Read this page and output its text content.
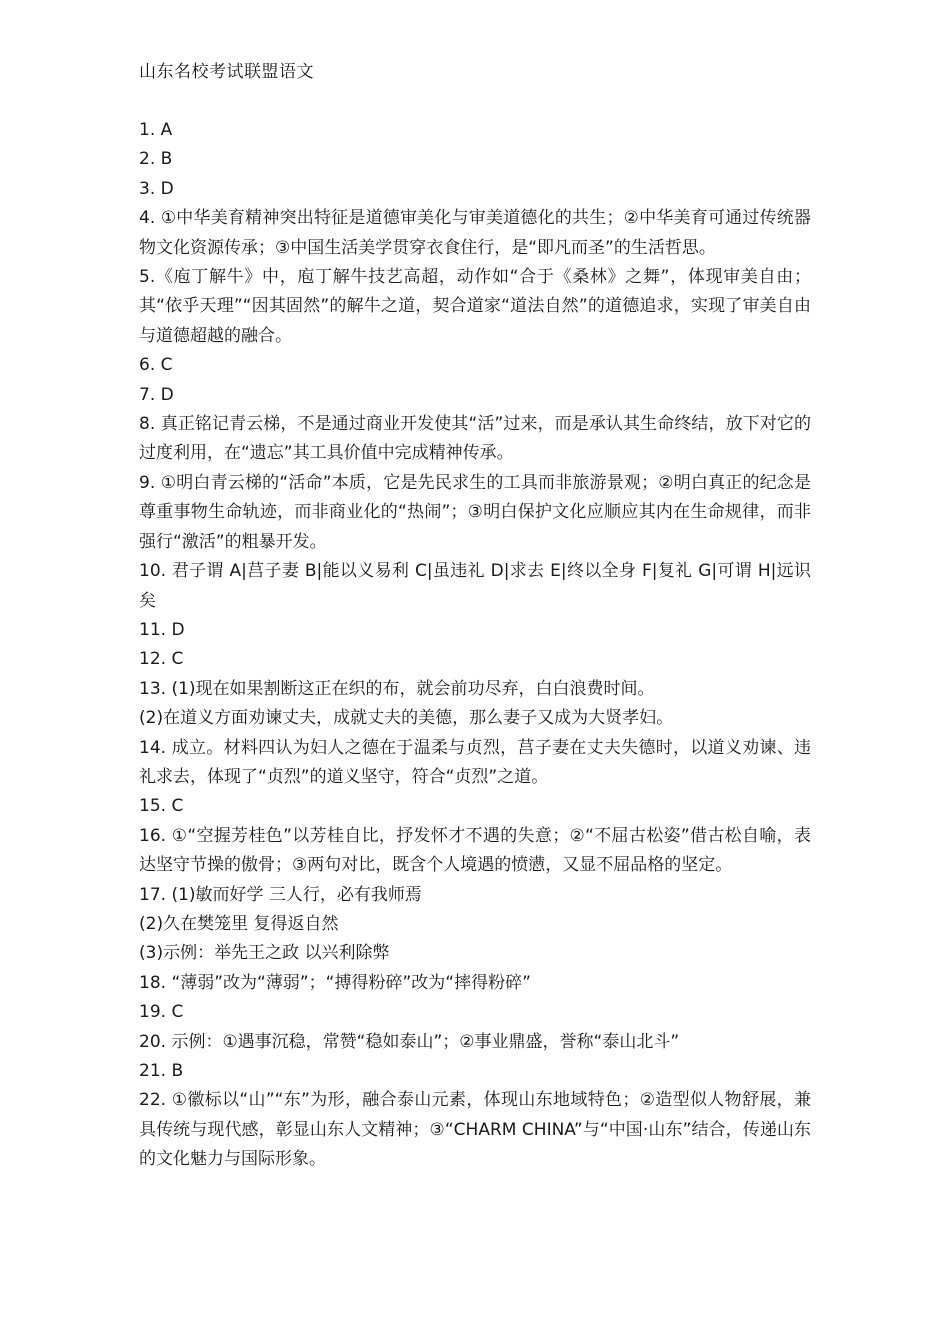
山东名校考试联盟语文

1. A

2. B

3. D

4. ①中华美育精神突出特征是道德审美化与审美道德化的共生；②中华美育可通过传统器物文化资源传承；③中国生活美学贯穿衣食住行，是“即凡而圣”的生活哲思。

5.《庖丁解牛》中，庖丁解牛技艺高超，动作如“合于《桑林》之舞”，体现审美自由；其“依乎天理”“因其固然”的解牛之道，契合道家“道法自然”的道德追求，实现了审美自由与道德超越的融合。

6. C

7. D

8. 真正铭记青云梯，不是通过商业开发使其“活”过来，而是承认其生命终结，放下对它的过度利用，在“遗忘”其工具价值中完成精神传承。

9. ①明白青云梯的“活命”本质，它是先民求生的工具而非旅游景观；②明白真正的纪念是尊重事物生命轨迹，而非商业化的“热闹”；③明白保护文化应顺应其内在生命规律，而非强行“激活”的粗暴开发。

10. 君子谓 A|莒子妻 B|能以义易利 C|虽违礼 D|求去 E|终以全身 F|复礼 G|可谓 H|远识矣

11. D

12. C

13. (1)现在如果割断这正在织的布，就会前功尽弃，白白浪费时间。

(2)在道义方面劝谏丈夫，成就丈夫的美德，那么妻子又成为大贤孝妇。

14. 成立。材料四认为妇人之德在于温柔与贞烈，莒子妻在丈夫失德时，以道义劝谏、违礼求去，体现了“贞烈”的道义坚守，符合“贞烈”之道。

15. C

16. ①“空握芳桂色”以芳桂自比，抒发怀才不遇的失意；②“不屈古松姿”借古松自喻，表达坚守节操的傲骨；③两句对比，既含个人境遇的愤懑，又显不屈品格的坚定。

17. (1)敏而好学 三人行，必有我师焉

(2)久在樊笼里 复得返自然

(3)示例：举先王之政 以兴利除弊

18. “薄弱”改为“薄弱”；“搏得粉碎”改为“摔得粉碎”

19. C

20. 示例：①遇事沉稳，常赞“稳如泰山”；②事业鼎盛，誉称“泰山北斗”

21. B

22. ①徽标以“山”“东”为形，融合泰山元素，体现山东地域特色；②造型似人物舒展，兼具传统与现代感，彰显山东人文精神；③“CHARM CHINA”与“中国·山东”结合，传递山东的文化魅力与国际形象。
